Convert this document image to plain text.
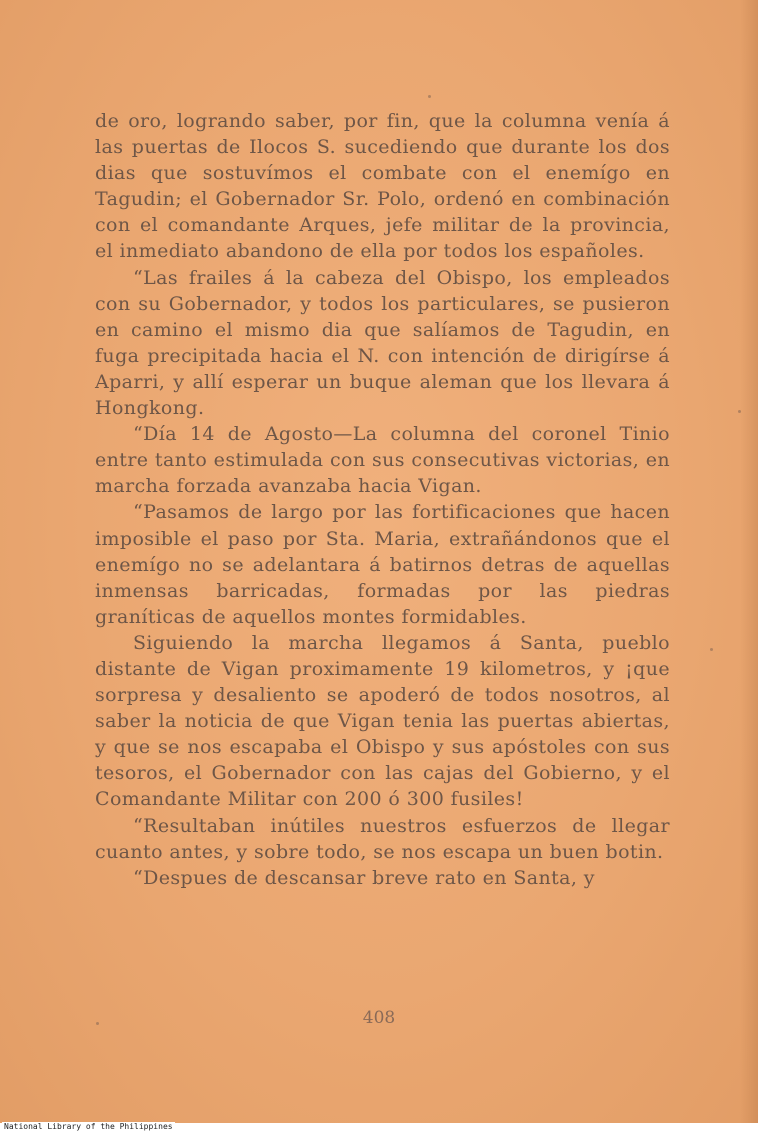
de oro, logrando saber, por fin, que la columna venía á las puertas de Ilocos S. sucediendo que durante los dos dias que sostuvímos el combate con el enemígo en Tagudin; el Gobernador Sr. Polo, ordenó en combinación con el comandante Arques, jefe militar de la provincia, el inmediato abandono de ella por todos los españoles.

“Las frailes á la cabeza del Obispo, los empleados con su Gobernador, y todos los particulares, se pusieron en camino el mismo dia que salíamos de Tagudin, en fuga precipitada hacia el N. con intención de dirigírse á Aparri, y allí esperar un buque aleman que los llevara á Hongkong.

“Día 14 de Agosto—La columna del coronel Tinio entre tanto estimulada con sus consecutivas victorias, en marcha forzada avanzaba hacia Vigan.

“Pasamos de largo por las fortificaciones que hacen imposible el paso por Sta. Maria, extrañándonos que el enemígo no se adelantara á batirnos detras de aquellas inmensas barricadas, formadas por las piedras graníticas de aquellos montes formidables.

Siguiendo la marcha llegamos á Santa, pueblo distante de Vigan proximamente 19 kilometros, y ¡que sorpresa y desaliento se apoderó de todos nosotros, al saber la noticia de que Vigan tenia las puertas abiertas, y que se nos escapaba el Obispo y sus apóstoles con sus tesoros, el Gobernador con las cajas del Gobierno, y el Comandante Militar con 200 ó 300 fusiles!

“Resultaban inútiles nuestros esfuerzos de llegar cuanto antes, y sobre todo, se nos escapa un buen botin.

“Despues de descansar breve rato en Santa, y

408
National Library of the Philippines
